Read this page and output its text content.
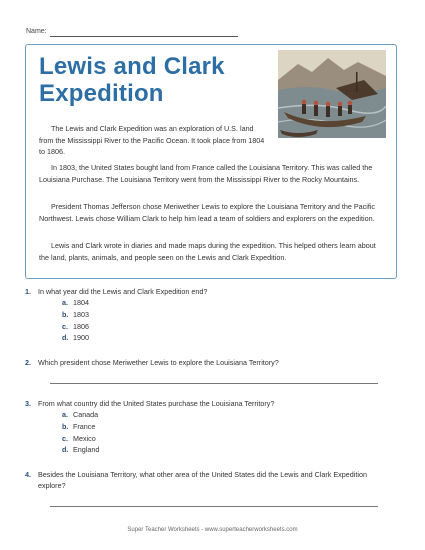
Name:
Lewis and Clark
Expedition

The Lewis and Clark Expedition was an exploration of U.S. land from the Mississippi River to the Pacific Ocean. It took place from 1804 to 1806.

In 1803, the United States bought land from France called the Louisiana Territory. This was called the Louisiana Purchase. The Louisiana Territory went from the Mississippi River to the Rocky Mountains.

President Thomas Jefferson chose Meriwether Lewis to explore the Louisiana Territory and the Pacific Northwest. Lewis chose William Clark to help him lead a team of soldiers and explorers on the expedition.

Lewis and Clark wrote in diaries and made maps during the expedition. This helped others learn about the land, plants, animals, and people seen on the Lewis and Clark Expedition.

1. In what year did the Lewis and Clark Expedition end?

a. 1804
b. 1803
c. 1806
d. 1900
2. Which president chose Meriwether Lewis to explore the Louisiana Territory?

3. From what country did the United States purchase the Louisiana Territory?

a. Canada
b. France
c. Mexico
d. England
4. Besides the Louisiana Territory, what other area of the United States did the Lewis and Clark Expedition explore?

Super Teacher Worksheets - www.superteacherworksheets.com
